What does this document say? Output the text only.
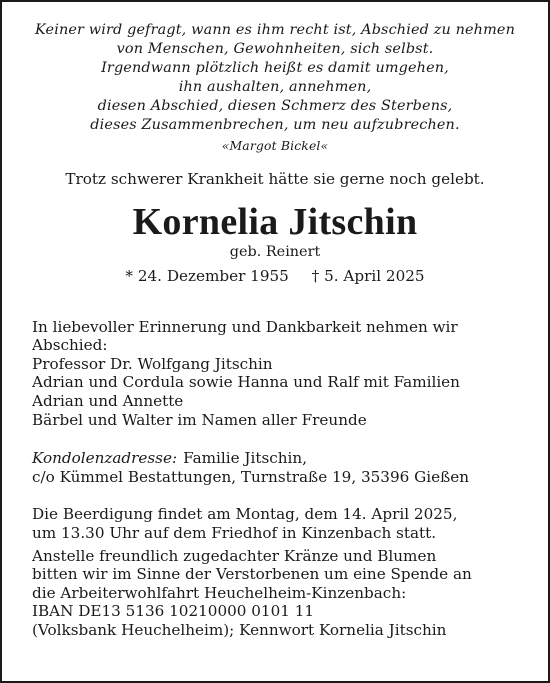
Keiner wird gefragt, wann es ihm recht ist, Abschied zu nehmen
von Menschen, Gewohnheiten, sich selbst.
Irgendwann plötzlich heißt es damit umgehen,
ihn aushalten, annehmen,
diesen Abschied, diesen Schmerz des Sterbens,
dieses Zusammenbrechen, um neu aufzubrechen.
«Margot Bickel«
Trotz schwerer Krankheit hätte sie gerne noch gelebt.
Kornelia Jitschin
geb. Reinert
* 24. Dezember 1955 † 5. April 2025
In liebevoller Erinnerung und Dankbarkeit nehmen wir
Abschied:
Professor Dr. Wolfgang Jitschin
Adrian und Cordula sowie Hanna und Ralf mit Familien
Adrian und Annette
Bärbel und Walter im Namen aller Freunde
Kondolenzadresse: Familie Jitschin,
c/o Kümmel Bestattungen, Turnstraße 19, 35396 Gießen
Die Beerdigung findet am Montag, dem 14. April 2025,
um 13.30 Uhr auf dem Friedhof in Kinzenbach statt.
Anstelle freundlich zugedachter Kränze und Blumen
bitten wir im Sinne der Verstorbenen um eine Spende an
die Arbeiterwohlfahrt Heuchelheim-Kinzenbach:
IBAN DE13 5136 10210000 0101 11
(Volksbank Heuchelheim); Kennwort Kornelia Jitschin
